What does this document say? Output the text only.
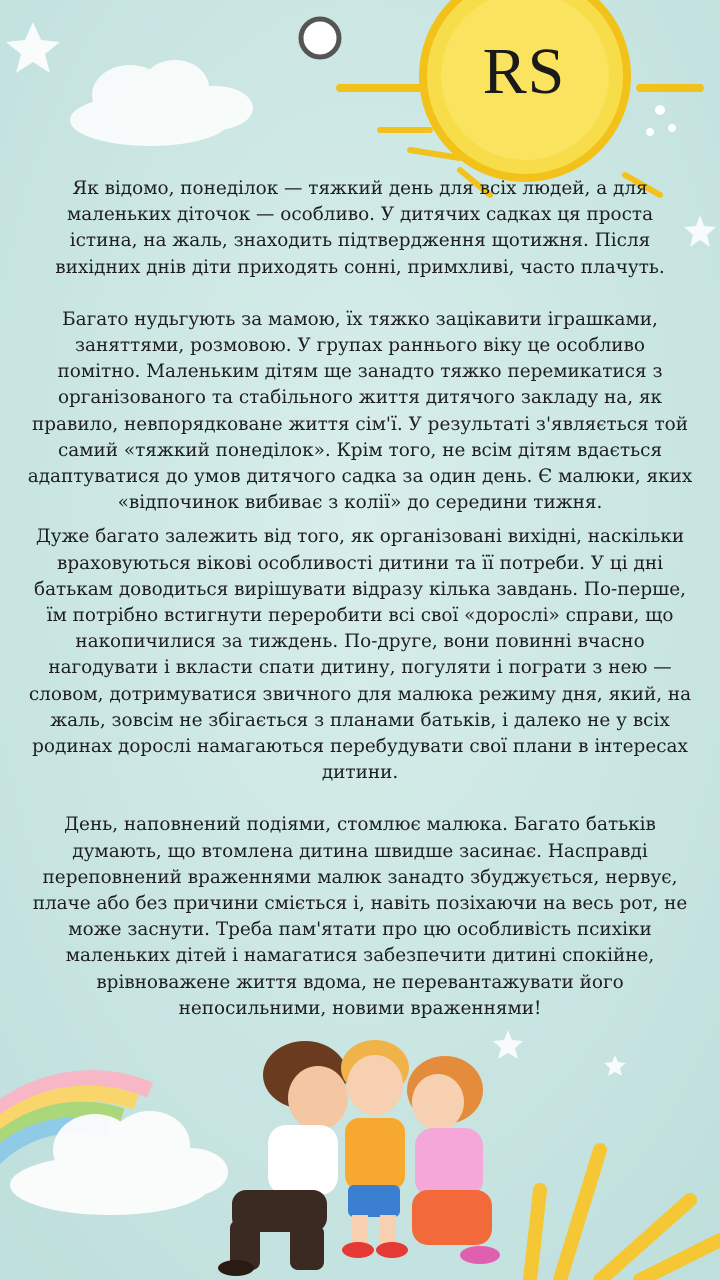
RS

Як відомо, понеділок — тяжкий день для всіх людей, а для
маленьких діточок — особливо. У дитячих садках ця проста
істина, на жаль, знаходить підтвердження щотижня. Після
вихідних днів діти приходять сонні, примхливі, часто плачуть.

Багато нудьгують за мамою, їх тяжко зацікавити іграшками,
заняттями, розмовою. У групах раннього віку це особливо
помітно. Маленьким дітям ще занадто тяжко перемикатися з
організованого та стабільного життя дитячого закладу на, як
правило, невпорядковане життя сім'ї. У результаті з'являється той
самий «тяжкий понеділок». Крім того, не всім дітям вдається
адаптуватися до умов дитячого садка за один день. Є малюки, яких
«відпочинок вибиває з колії» до середини тижня.

Дуже багато залежить від того, як організовані вихідні, наскільки
враховуються вікові особливості дитини та її потреби. У ці дні
батькам доводиться вирішувати відразу кілька завдань. По-перше,
їм потрібно встигнути переробити всі свої «дорослі» справи, що
накопичилися за тиждень. По-друге, вони повинні вчасно
нагодувати і вкласти спати дитину, погуляти і пограти з нею —
словом, дотримуватися звичного для малюка режиму дня, який, на
жаль, зовсім не збігається з планами батьків, і далеко не у всіх
родинах дорослі намагаються перебудувати свої плани в інтересах
дитини.

День, наповнений подіями, стомлює малюка. Багато батьків
думають, що втомлена дитина швидше засинає. Насправді
переповнений враженнями малюк занадто збуджується, нервує,
плаче або без причини сміється і, навіть позіхаючи на весь рот, не
може заснути. Треба пам'ятати про цю особливість психіки
маленьких дітей і намагатися забезпечити дитині спокійне,
врівноважене життя вдома, не перевантажувати його
непосильними, новими враженнями!
